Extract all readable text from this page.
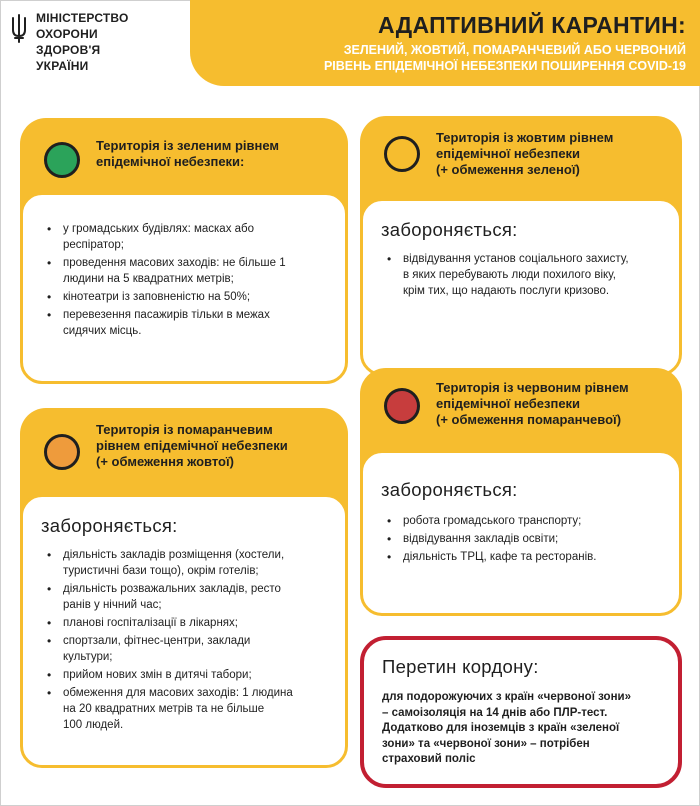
МІНІСТЕРСТВО
ОХОРОНИ
ЗДОРОВ'Я
УКРАЇНИ
АДАПТИВНИЙ КАРАНТИН:
ЗЕЛЕНИЙ, ЖОВТИЙ, ПОМАРАНЧЕВИЙ АБО ЧЕРВОНИЙ
РІВЕНЬ ЕПІДЕМІЧНОЇ НЕБЕЗПЕКИ ПОШИРЕННЯ COVID-19
Територія із зеленим рівнем
епідемічної небезпеки:
• у громадських будівлях: масках або
респіратор;
• проведення масових заходів: не більше 1
людини на 5 квадратних метрів;
• кінотеатри із заповненістю на 50%;
• перевезення пасажирів тільки в межах
сидячих місць.
Територія із жовтим рівнем
епідемічної небезпеки
(+ обмеження зеленої)
забороняється:
• відвідування установ соціального захисту,
в яких перебувають люди похилого віку,
крім тих, що надають послуги кризово.
Територія із червоним рівнем
епідемічної небезпеки
(+ обмеження помаранчевої)
забороняється:
• робота громадського транспорту;
• відвідування закладів освіти;
• діяльність ТРЦ, кафе та ресторанів.
Територія із помаранчевим
рівнем епідемічної небезпеки
(+ обмеження жовтої)
забороняється:
• діяльність закладів розміщення (хостели,
туристичні бази тощо), окрім готелів;
• діяльність розважальних закладів, ресто
ранів у нічний час;
• планові госпіталізації в лікарнях;
• спортзали, фітнес-центри, заклади
культури;
• прийом нових змін в дитячі табори;
• обмеження для масових заходів: 1 людина
на 20 квадратних метрів та не більше
100 людей.
Перетин кордону:
для подорожуючих з країн «червоної зони»
– самоізоляція на 14 днів або ПЛР-тест.
Додатково для іноземців з країн «зеленої
зони» та «червоної зони» – потрібен
страховий поліс
